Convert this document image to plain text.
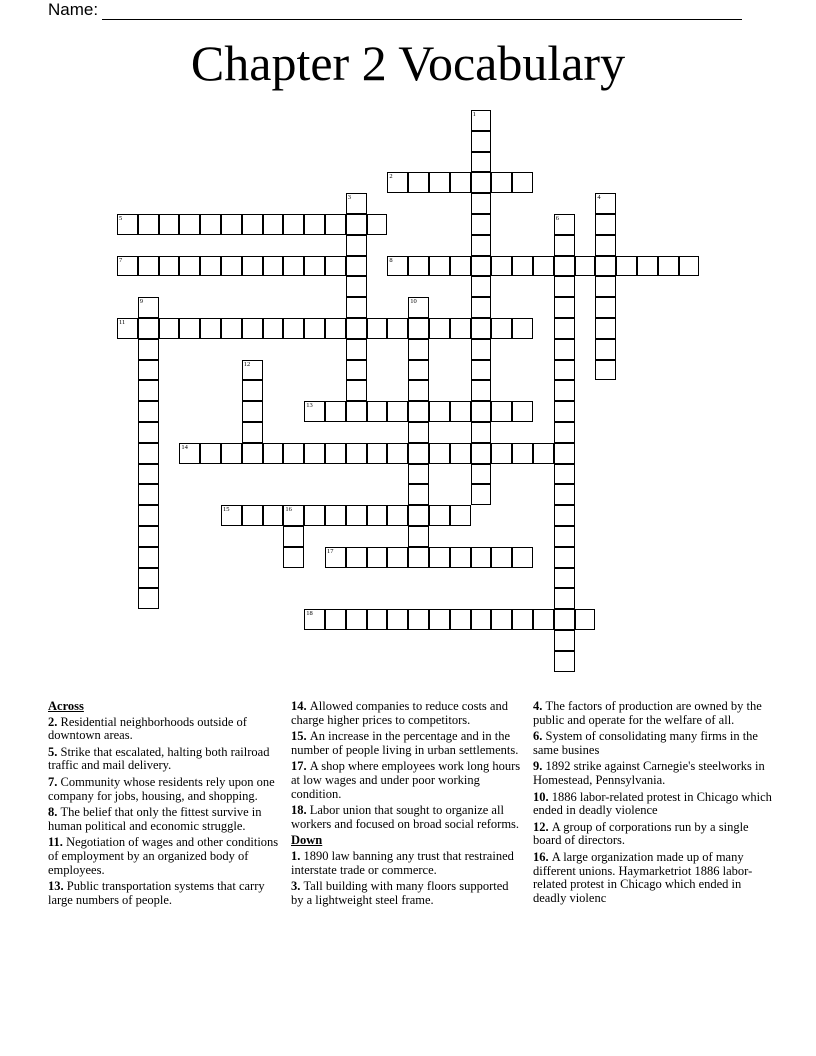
Name:
Chapter 2 Vocabulary
1
2
3	4
5	6
7	8
9	10
11
12
13
14
15	16
17
18
Across
2. Residential neighborhoods outside of downtown areas.
5. Strike that escalated, halting both railroad traffic and mail delivery.
7. Community whose residents rely upon one company for jobs, housing, and shopping.
8. The belief that only the fittest survive in human political and economic struggle.
11. Negotiation of wages and other conditions of employment by an organized body of employees.
13. Public transportation systems that carry large numbers of people.
14. Allowed companies to reduce costs and charge higher prices to competitors.
15. An increase in the percentage and in the number of people living in urban settlements.
17. A shop where employees work long hours at low wages and under poor working condition.
18. Labor union that sought to organize all workers and focused on broad social reforms.
Down
1. 1890 law banning any trust that restrained interstate trade or commerce.
3. Tall building with many floors supported by a lightweight steel frame.
4. The factors of production are owned by the public and operate for the welfare of all.
6. System of consolidating many firms in the same busines
9. 1892 strike against Carnegie's steelworks in Homestead, Pennsylvania.
10. 1886 labor-related protest in Chicago which ended in deadly violence
12. A group of corporations run by a single board of directors.
16. A large organization made up of many different unions. Haymarketriot 1886 labor-related protest in Chicago which ended in deadly violenc
